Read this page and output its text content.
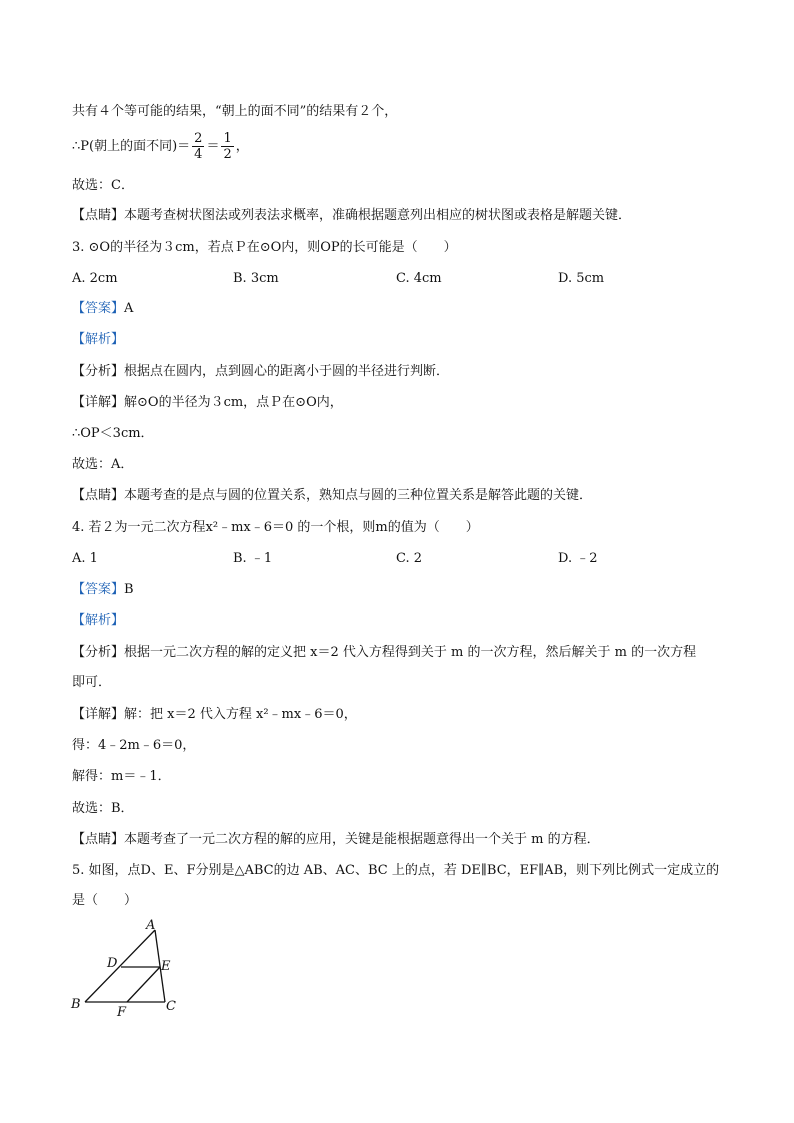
共有４个等可能的结果，“朝上的面不同”的结果有２个，
∴P(朝上的面不同)＝ $\frac{2}{4} = \frac{1}{2}$ ，
故选：C．
【点睛】本题考查树状图法或列表法求概率，准确根据题意列出相应的树状图或表格是解题关键．
3. ⊙O的半径为３cm，若点Ｐ在⊙O内，则OP的长可能是（　　）
A. 2cm	B. 3cm	C. 4cm	D. 5cm
【答案】A
【解析】
【分析】根据点在圆内，点到圆心的距离小于圆的半径进行判断．
【详解】解⊙O的半径为３cm，点Ｐ在⊙O内，
∴OP＜3cm．
故选：A．
【点睛】本题考查的是点与圆的位置关系，熟知点与圆的三种位置关系是解答此题的关键．
4. 若２为一元二次方程x²﹣mx﹣6＝0 的一个根，则m的值为（　　）
A. 1	B. ﹣1	C. 2	D. ﹣2
【答案】B
【解析】
【分析】根据一元二次方程的解的定义把 x＝2 代入方程得到关于 m 的一次方程，然后解关于 m 的一次方程
即可．
【详解】解：把 x＝2 代入方程 x²﹣mx﹣6＝0，
得：4﹣2m﹣6＝0，
解得：m＝﹣1．
故选：B．
【点睛】本题考查了一元二次方程的解的应用，关键是能根据题意得出一个关于 m 的方程．
5. 如图，点D、E、F分别是△ABC的边 AB、AC、BC 上的点，若 DE∥BC，EF∥AB，则下列比例式一定成立的
是（　　）
A
D	E
B	C
F
